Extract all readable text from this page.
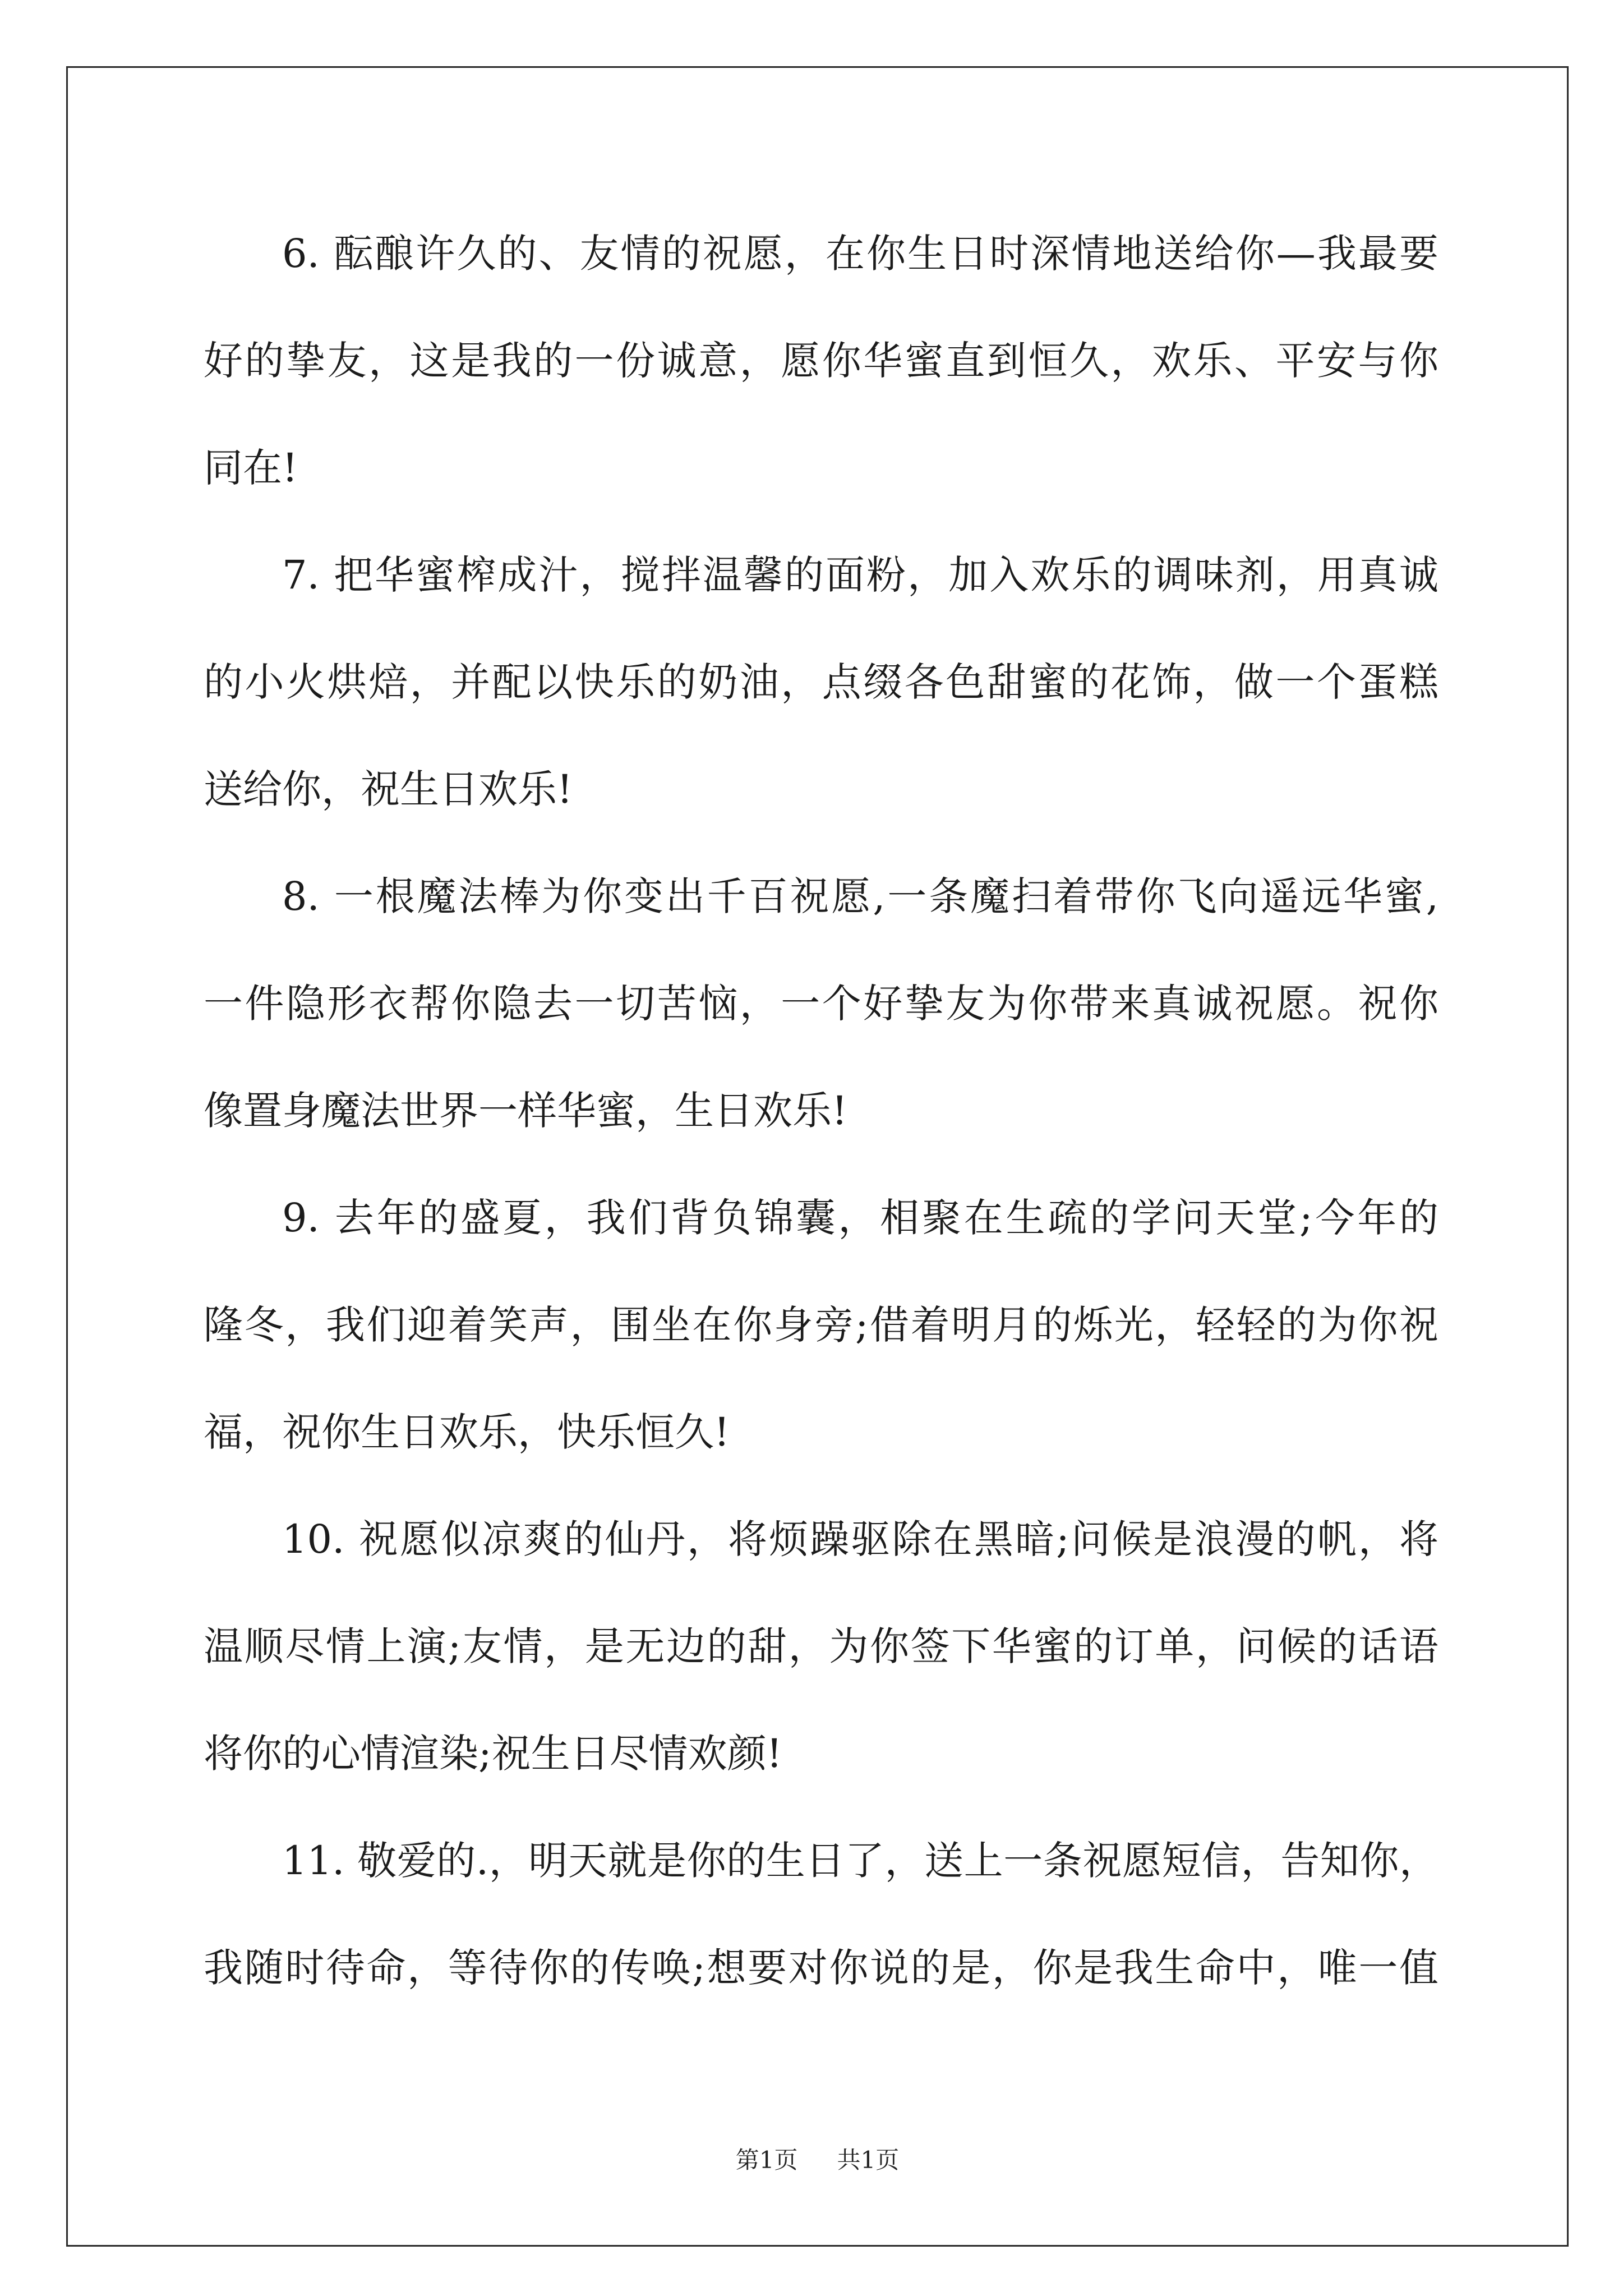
6. 酝酿许久的、友情的祝愿，在你生日时深情地送给你—我最要
好的挚友，这是我的一份诚意，愿你华蜜直到恒久，欢乐、平安与你
同在!
7. 把华蜜榨成汁，搅拌温馨的面粉，加入欢乐的调味剂，用真诚
的小火烘焙，并配以快乐的奶油，点缀各色甜蜜的花饰，做一个蛋糕
送给你，祝生日欢乐!
8. 一根魔法棒为你变出千百祝愿,一条魔扫着带你飞向遥远华蜜,
一件隐形衣帮你隐去一切苦恼，一个好挚友为你带来真诚祝愿。祝你
像置身魔法世界一样华蜜，生日欢乐!
9. 去年的盛夏，我们背负锦囊，相聚在生疏的学问天堂;今年的
隆冬，我们迎着笑声，围坐在你身旁;借着明月的烁光，轻轻的为你祝
福，祝你生日欢乐，快乐恒久!
10. 祝愿似凉爽的仙丹，将烦躁驱除在黑暗;问候是浪漫的帆，将
温顺尽情上演;友情，是无边的甜，为你签下华蜜的订单，问候的话语
将你的心情渲染;祝生日尽情欢颜!
11. 敬爱的.，明天就是你的生日了，送上一条祝愿短信，告知你，
我随时待命，等待你的传唤;想要对你说的是，你是我生命中，唯一值
第1页 共1页
